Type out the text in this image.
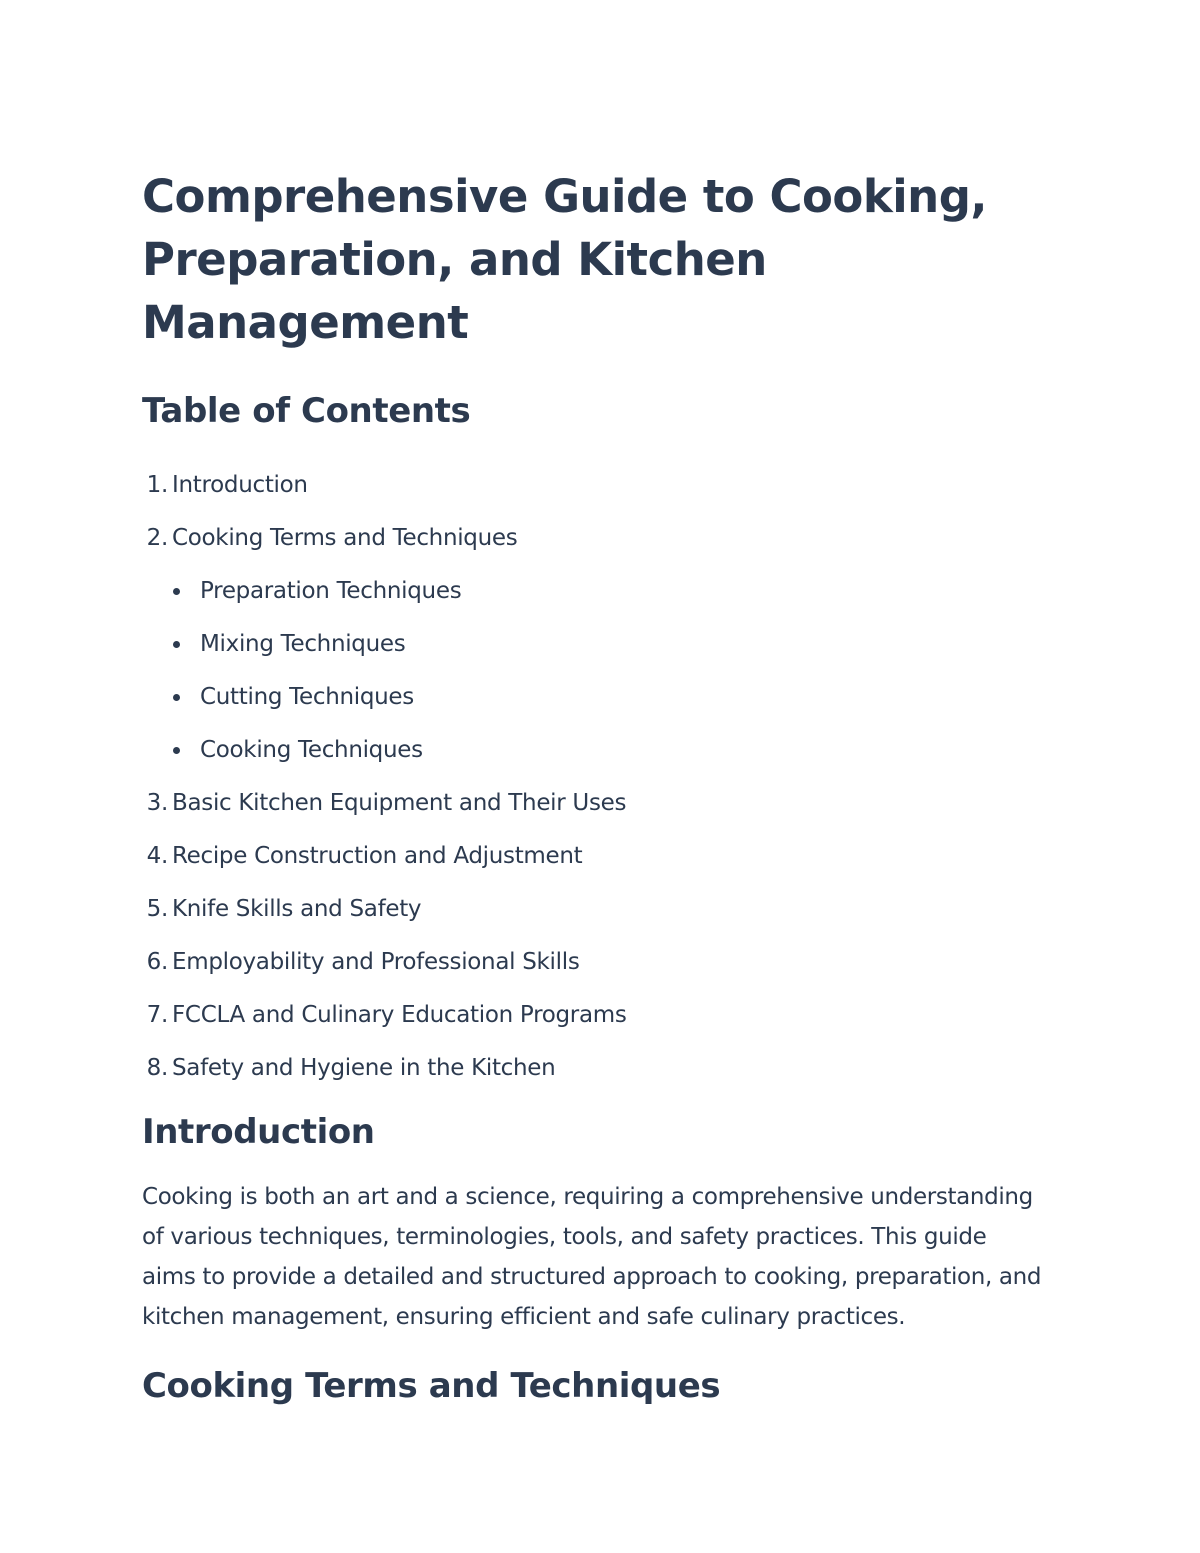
Comprehensive Guide to Cooking, Preparation, and Kitchen Management
Table of Contents
1. Introduction
2. Cooking Terms and Techniques
Preparation Techniques
Mixing Techniques
Cutting Techniques
Cooking Techniques
3. Basic Kitchen Equipment and Their Uses
4. Recipe Construction and Adjustment
5. Knife Skills and Safety
6. Employability and Professional Skills
7. FCCLA and Culinary Education Programs
8. Safety and Hygiene in the Kitchen
Introduction

Cooking is both an art and a science, requiring a comprehensive understanding of various techniques, terminologies, tools, and safety practices. This guide aims to provide a detailed and structured approach to cooking, preparation, and kitchen management, ensuring efficient and safe culinary practices.

Cooking Terms and Techniques
